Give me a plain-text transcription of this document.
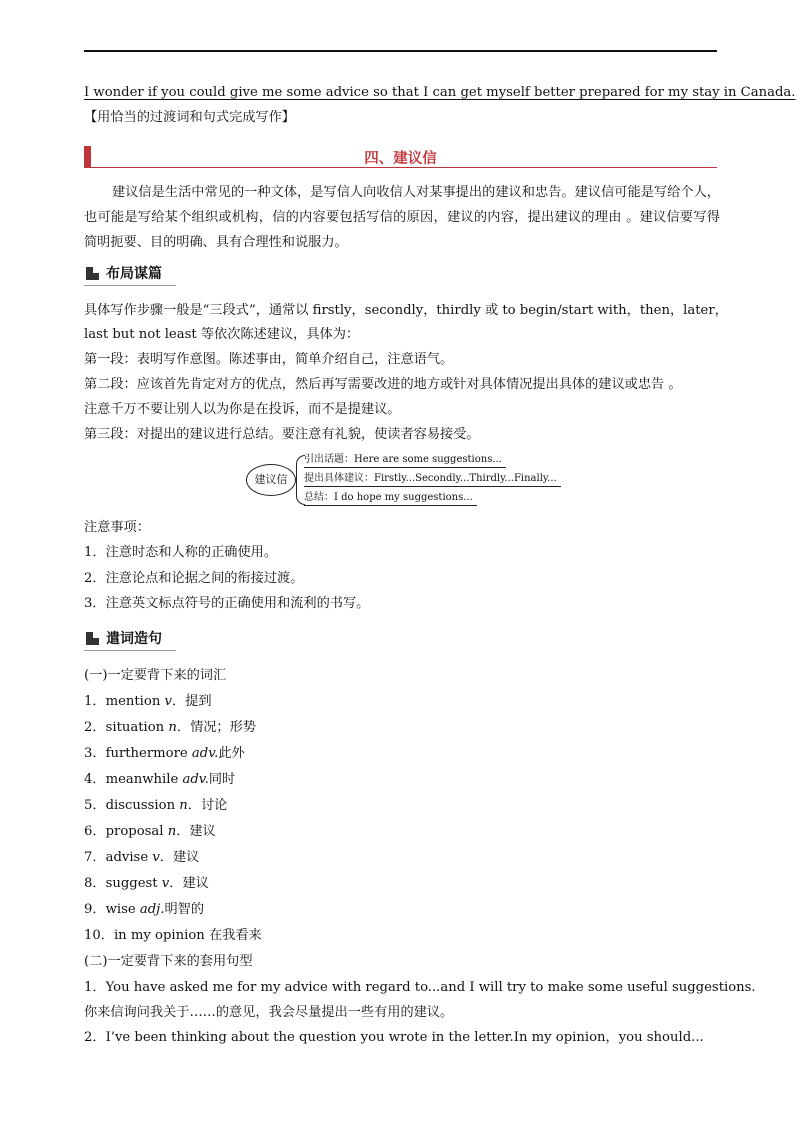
I wonder if you could give me some advice so that I can get myself better prepared for my stay in Canada.
【用恰当的过渡词和句式完成写作】
四、建议信
建议信是生活中常见的一种文体，是写信人向收信人对某事提出的建议和忠告。建议信可能是写给个人，也可能是写给某个组织或机构，信的内容要包括写信的原因，建议的内容，提出建议的理由 。建议信要写得简明扼要、目的明确、具有合理性和说服力。
布局谋篇
具体写作步骤一般是“三段式”，通常以 firstly，secondly，thirdly 或 to begin/start with，then，later，
last but not least 等依次陈述建议，具体为：
第一段：表明写作意图。陈述事由，简单介绍自己，注意语气。
第二段：应该首先肯定对方的优点，然后再写需要改进的地方或针对具体情况提出具体的建议或忠告 。
注意千万不要让别人以为你是在投诉，而不是提建议。
第三段：对提出的建议进行总结。要注意有礼貌，使读者容易接受。
建议信
引出话题：Here are some suggestions...
提出具体建议：Firstly...Secondly...Thirdly...Finally...
总结：I do hope my suggestions...
注意事项：
1．注意时态和人称的正确使用。
2．注意论点和论据之间的衔接过渡。
3．注意英文标点符号的正确使用和流利的书写。
遣词造句
(一)一定要背下来的词汇
1．mention v．提到
2．situation n．情况；形势
3．furthermore adv.此外
4．meanwhile adv.同时
5．discussion n．讨论
6．proposal n．建议
7．advise v．建议
8．suggest v．建议
9．wise adj.明智的
10．in my opinion 在我看来
(二)一定要背下来的套用句型
1．You have asked me for my advice with regard to...and I will try to make some useful suggestions.
你来信询问我关于……的意见，我会尽量提出一些有用的建议。
2．I’ve been thinking about the question you wrote in the letter.In my opinion，you should...
